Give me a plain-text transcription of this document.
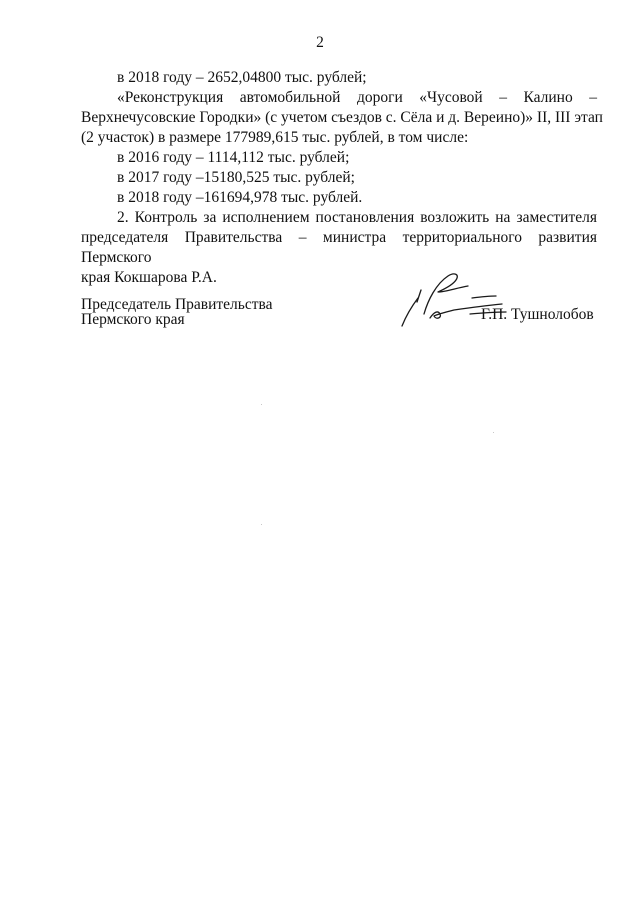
2
в 2018 году – 2652,04800 тыс. рублей;
«Реконструкция автомобильной дороги «Чусовой – Калино –
Верхнечусовские Городки» (с учетом съездов с. Сёла и д. Вереино)» II, III этап
(2 участок) в размере 177989,615 тыс. рублей, в том числе:
в 2016 году – 1114,112 тыс. рублей;
в 2017 году –15180,525 тыс. рублей;
в 2018 году –161694,978 тыс. рублей.
2. Контроль за исполнением постановления возложить на заместителя
председателя Правительства – министра территориального развития Пермского
края Кокшарова Р.А.
Председатель Правительства
Пермского края	Г.П. Тушнолобов
